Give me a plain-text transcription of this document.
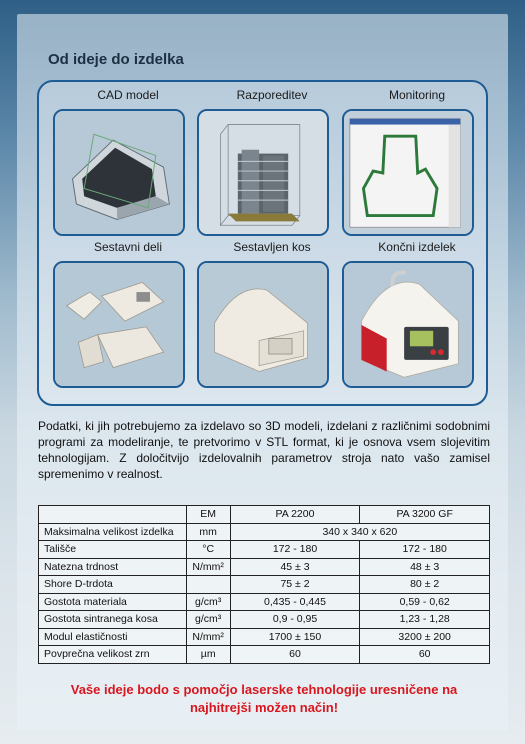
Od ideje do izdelka
CAD model	Razporeditev	Monitoring
Sestavni deli	Sestavljen kos	Končni izdelek

Podatki, ki jih potrebujemo za izdelavo so 3D modeli, izdelani z različnimi sodobnimi programi za modeliranje, te pretvorimo v STL format, ki je osnova vsem slojevitim tehnologijam. Z določitvijo izdelovalnih parametrov stroja nato vašo zamisel spremenimo v realnost.

	EM	PA 2200	PA 3200 GF
Maksimalna velikost izdelka	mm	340 x 340 x 620	
Tališče	°C	172 - 180	172 - 180
Natezna trdnost	N/mm²	45 ± 3	48 ± 3
Shore D-trdota		75 ± 2	80 ± 2
Gostota materiala	g/cm³	0,435 - 0,445	0,59 - 0,62
Gostota sintranega kosa	g/cm³	0,9 - 0,95	1,23 - 1,28
Modul elastičnosti	N/mm²	1700 ± 150	3200 ± 200
Povprečna velikost zrn	µm	60	60
Vaše ideje bodo s pomočjo laserske tehnologije uresničene na
najhitrejši možen način!
